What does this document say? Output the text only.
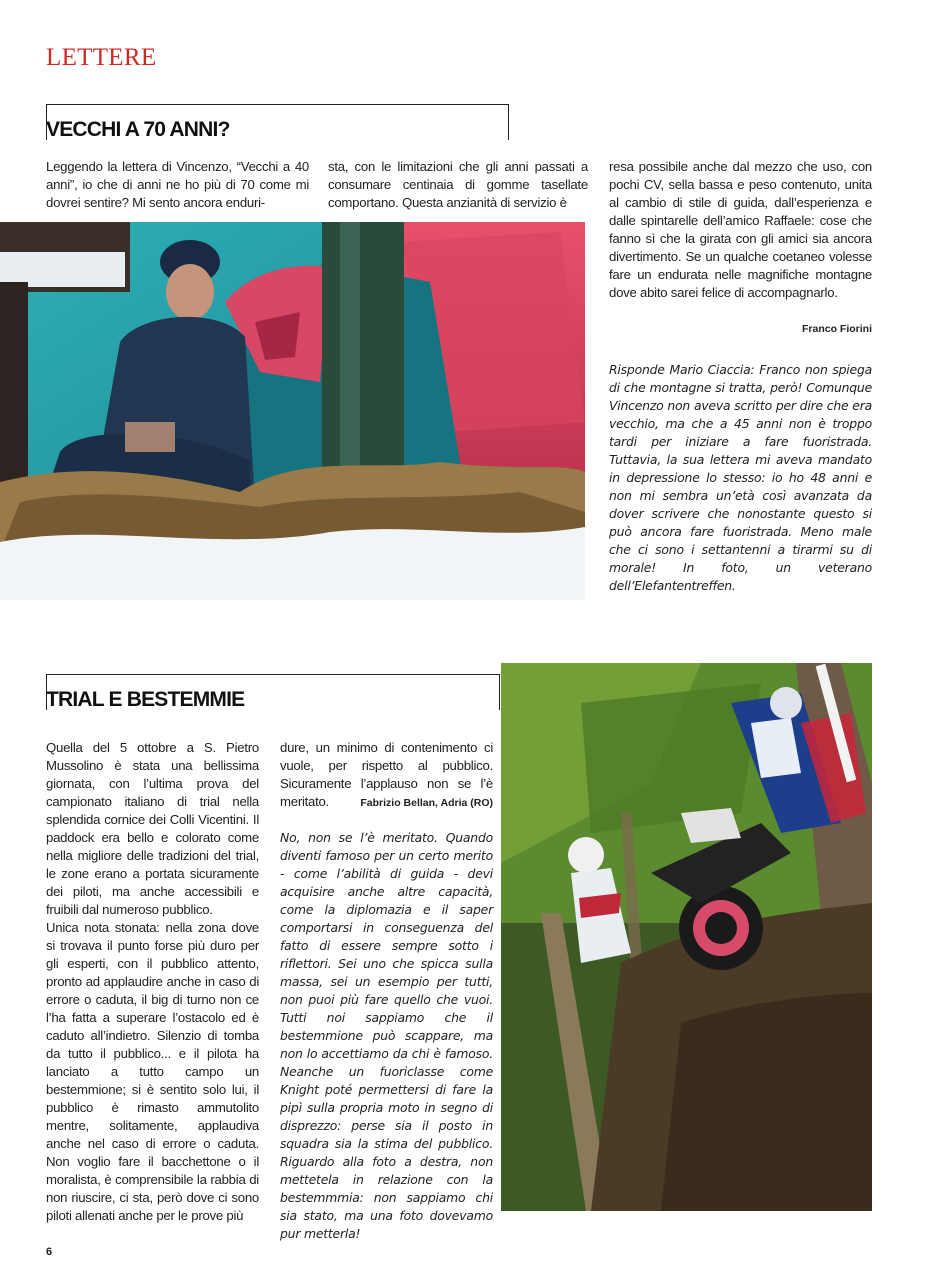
LETTERE
VECCHI A 70 ANNI?
Leggendo la lettera di Vincenzo, “Vecchi a 40 anni”, io che di anni ne ho più di 70 come mi dovrei sentire? Mi sento ancora enduri-
sta, con le limitazioni che gli anni passati a consumare centinaia di gomme tasellate comportano. Questa anzianità di servizio è
resa possibile anche dal mezzo che uso, con pochi CV, sella bassa e peso contenuto, unita al cambio di stile di guida, dall’esperienza e dalle spintarelle dell’amico Raffaele: cose che fanno sì che la girata con gli amici sia ancora divertimento. Se un qualche coetaneo volesse fare un endurata nelle magnifiche montagne dove abito sarei felice di accompagnarlo.
Franco Fiorini
Risponde Mario Ciaccia: Franco non spiega di che montagne si tratta, però! Comunque Vincenzo non aveva scritto per dire che era vecchio, ma che a 45 anni non è troppo tardi per iniziare a fare fuoristrada. Tuttavia, la sua lettera mi aveva mandato in depressione lo stesso: io ho 48 anni e non mi sembra un’età così avanzata da dover scrivere che nonostante questo si può ancora fare fuoristrada. Meno male che ci sono i settantenni a tirarmi su di morale! In foto, un veterano dell’Elefantentreffen.
TRIAL E BESTEMMIE

Quella del 5 ottobre a S. Pietro Mussolino è stata una bellissima giornata, con l’ultima prova del campionato italiano di trial nella splendida cornice dei Colli Vicentini. Il paddock era bello e colorato come nella migliore delle tradizioni del trial, le zone erano a portata sicuramente dei piloti, ma anche accessibili e fruibili dal numeroso pubblico.

Unica nota stonata: nella zona dove si trovava il punto forse più duro per gli esperti, con il pubblico attento, pronto ad applaudire anche in caso di errore o caduta, il big di turno non ce l’ha fatta a superare l’ostacolo ed è caduto all’indietro. Silenzio di tomba da tutto il pubblico... e il pilota ha lanciato a tutto campo un bestemmione; si è sentito solo lui, il pubblico è rimasto ammutolito mentre, solitamente, applaudiva anche nel caso di errore o caduta. Non voglio fare il bacchettone o il moralista, è comprensibile la rabbia di non riuscire, ci sta, però dove ci sono piloti allenati anche per le prove più

dure, un minimo di contenimento ci vuole, per rispetto al pubblico. Sicuramente l’applauso non se l’è meritato.	Fabrizio Bellan, Adria (RO)
No, non se l’è meritato. Quando diventi famoso per un certo merito - come l’abilità di guida - devi acquisire anche altre capacità, come la diplomazia e il saper comportarsi in conseguenza del fatto di essere sempre sotto i riflettori. Sei uno che spicca sulla massa, sei un esempio per tutti, non puoi più fare quello che vuoi. Tutti noi sappiamo che il bestemmione può scappare, ma non lo accettiamo da chi è famoso. Neanche un fuoriclasse come Knight poté permettersi di fare la pipì sulla propria moto in segno di disprezzo: perse sia il posto in squadra sia la stima del pubblico. Riguardo alla foto a destra, non mettetela in relazione con la bestemmmia: non sappiamo chi sia stato, ma una foto dovevamo pur metterla!
6
